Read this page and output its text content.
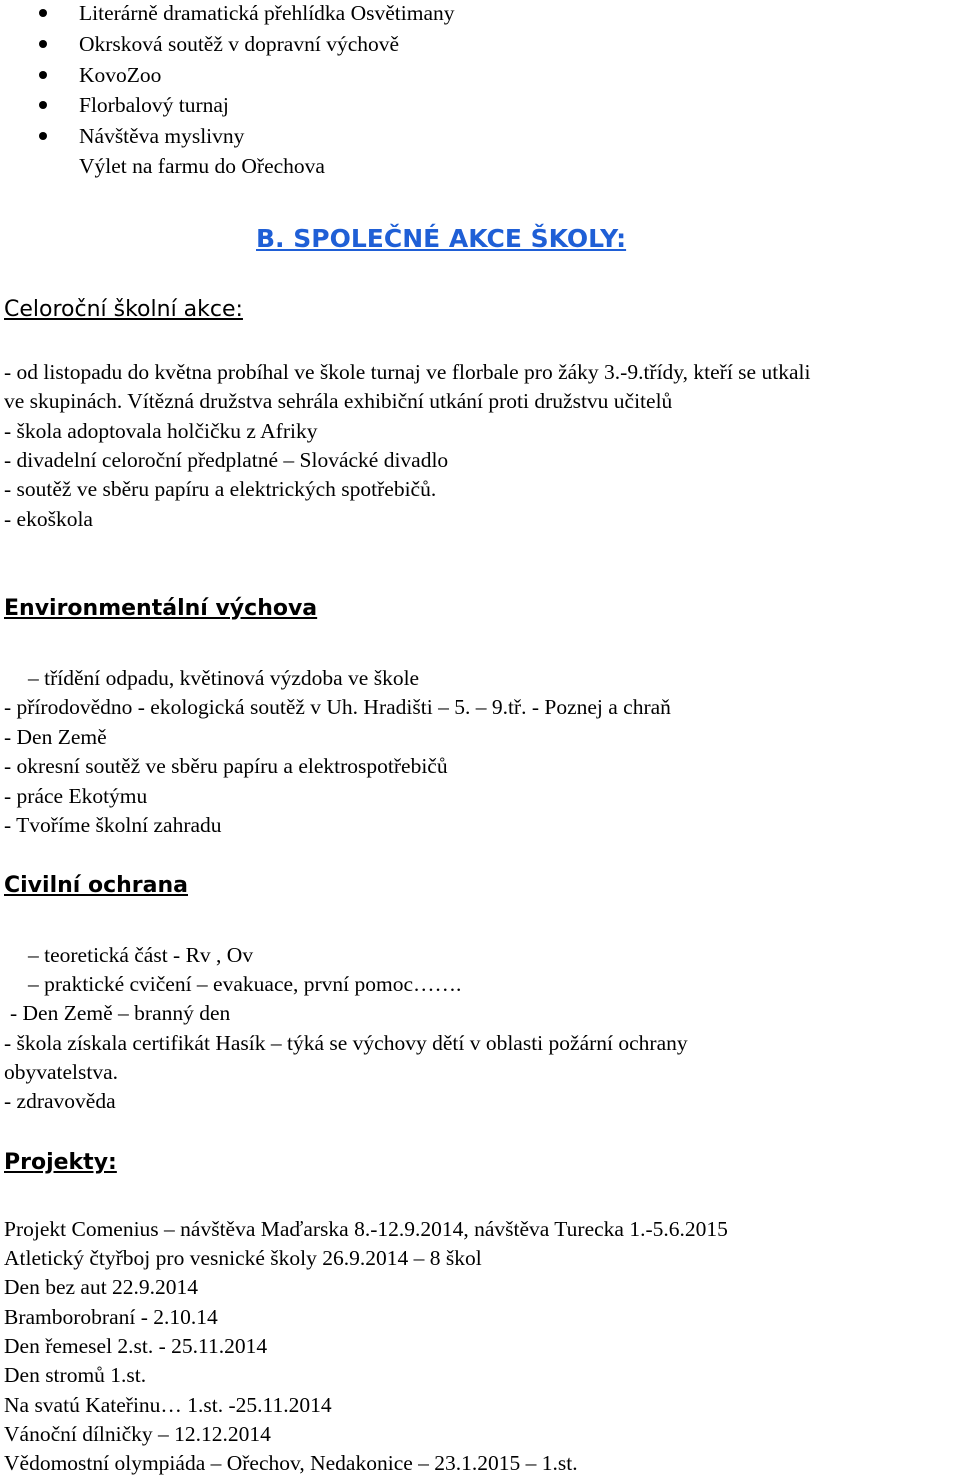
Literárně dramatická přehlídka Osvětimany
Okrsková soutěž v dopravní výchově
KovoZoo
Florbalový turnaj
Návštěva myslivny
Výlet na farmu do Ořechova
B. SPOLEČNÉ AKCE ŠKOLY:
Celoroční školní akce:
- od listopadu do května probíhal ve škole turnaj ve florbale pro žáky 3.-9.třídy, kteří se utkali
ve skupinách. Vítězná družstva sehrála exhibiční utkání proti družstvu učitelů
- škola adoptovala holčičku z Afriky
- divadelní celoroční předplatné – Slovácké divadlo
- soutěž ve sběru papíru a elektrických spotřebičů.
- ekoškola
Environmentální výchova
– třídění odpadu, květinová výzdoba ve škole
- přírodovědno - ekologická soutěž v Uh. Hradišti – 5. – 9.tř. - Poznej a chraň
- Den Země
- okresní soutěž ve sběru papíru a elektrospotřebičů
- práce Ekotýmu
- Tvoříme školní zahradu
Civilní ochrana
– teoretická část - Rv , Ov
– praktické cvičení – evakuace, první pomoc…….
- Den Země – branný den
- škola získala certifikát Hasík – týká se výchovy dětí v oblasti požární ochrany
obyvatelstva.
- zdravověda
Projekty:
Projekt Comenius – návštěva Maďarska 8.-12.9.2014, návštěva Turecka 1.-5.6.2015
Atletický čtyřboj pro vesnické školy 26.9.2014 – 8 škol
Den bez aut 22.9.2014
Bramborobraní - 2.10.14
Den řemesel 2.st. - 25.11.2014
Den stromů 1.st.
Na svatú Kateřinu… 1.st. -25.11.2014
Vánoční dílničky – 12.12.2014
Vědomostní olympiáda – Ořechov, Nedakonice – 23.1.2015 – 1.st.
